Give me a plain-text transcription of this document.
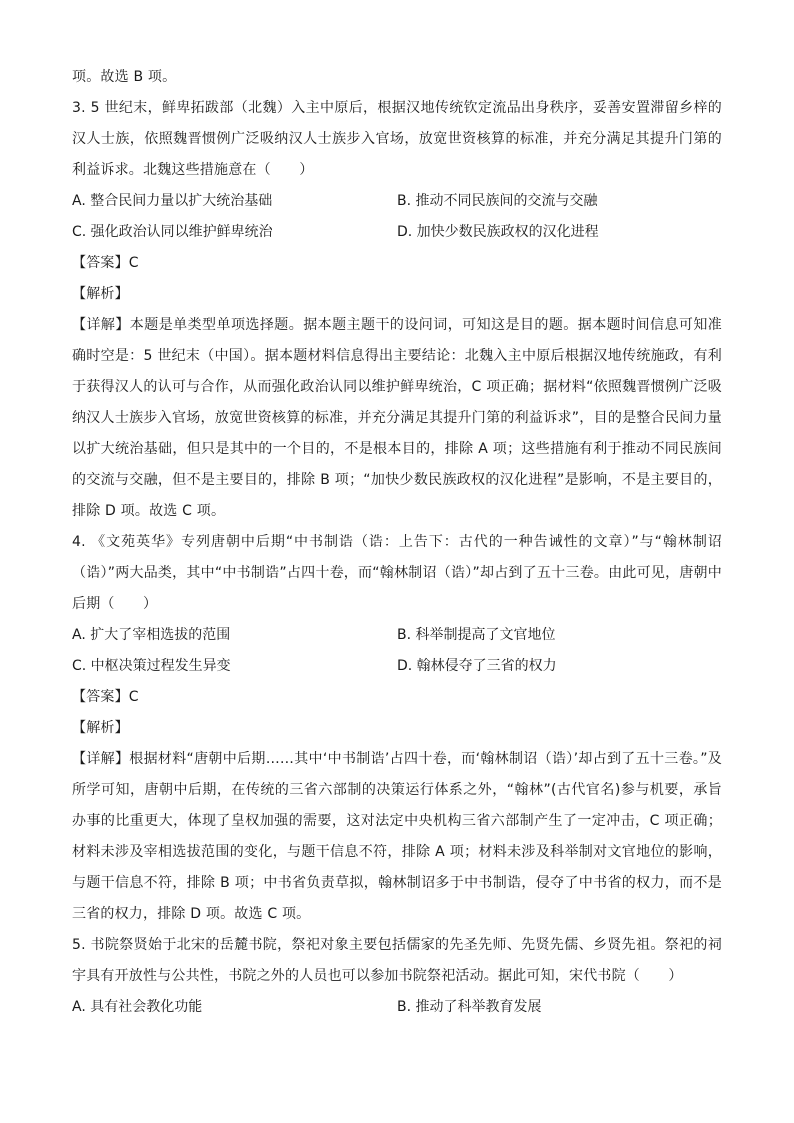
项。故选 B 项。

3. 5 世纪末，鲜卑拓跋部（北魏）入主中原后，根据汉地传统钦定流品出身秩序，妥善安置滞留乡梓的汉人士族，依照魏晋惯例广泛吸纳汉人士族步入官场，放宽世资核算的标准，并充分满足其提升门第的利益诉求。北魏这些措施意在（　　）

A. 整合民间力量以扩大统治基础	B. 推动不同民族间的交流与交融
C. 强化政治认同以维护鲜卑统治	D. 加快少数民族政权的汉化进程

【答案】C

【解析】

【详解】本题是单类型单项选择题。据本题主题干的设问词，可知这是目的题。据本题时间信息可知准确时空是：5 世纪末（中国）。据本题材料信息得出主要结论：北魏入主中原后根据汉地传统施政，有利于获得汉人的认可与合作，从而强化政治认同以维护鲜卑统治，C 项正确；据材料“依照魏晋惯例广泛吸纳汉人士族步入官场，放宽世资核算的标准，并充分满足其提升门第的利益诉求”，目的是整合民间力量以扩大统治基础，但只是其中的一个目的，不是根本目的，排除 A 项；这些措施有利于推动不同民族间的交流与交融，但不是主要目的，排除 B 项；“加快少数民族政权的汉化进程”是影响，不是主要目的，排除 D 项。故选 C 项。

4. 《文苑英华》专列唐朝中后期“中书制诰（诰：上告下：古代的一种告诫性的文章）”与“翰林制诏（诰）”两大品类，其中“中书制诰”占四十卷，而“翰林制诏（诰）”却占到了五十三卷。由此可见，唐朝中后期（　　）

A. 扩大了宰相选拔的范围	B. 科举制提高了文官地位
C. 中枢决策过程发生异变	D. 翰林侵夺了三省的权力

【答案】C

【解析】

【详解】根据材料“唐朝中后期……其中‘中书制诰’占四十卷，而‘翰林制诏（诰）’却占到了五十三卷。”及所学可知，唐朝中后期，在传统的三省六部制的决策运行体系之外，“翰林”(古代官名)参与机要，承旨办事的比重更大，体现了皇权加强的需要，这对法定中央机构三省六部制产生了一定冲击，C 项正确；材料未涉及宰相选拔范围的变化，与题干信息不符，排除 A 项；材料未涉及科举制对文官地位的影响，与题干信息不符，排除 B 项；中书省负责草拟，翰林制诏多于中书制诰，侵夺了中书省的权力，而不是三省的权力，排除 D 项。故选 C 项。

5. 书院祭贤始于北宋的岳麓书院，祭祀对象主要包括儒家的先圣先师、先贤先儒、乡贤先祖。祭祀的祠宇具有开放性与公共性，书院之外的人员也可以参加书院祭祀活动。据此可知，宋代书院（　　）

A. 具有社会教化功能	B. 推动了科举教育发展
